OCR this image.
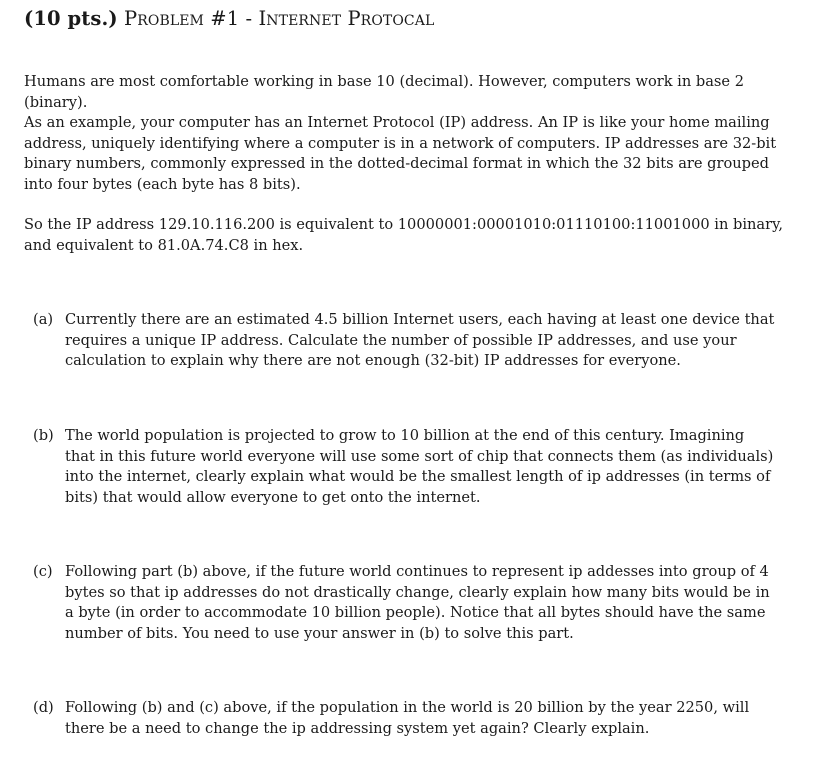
(10 pts.) Problem #1 - Internet Protocal

Humans are most comfortable working in base 10 (decimal). However, computers work in base 2 (binary).

As an example, your computer has an Internet Protocol (IP) address. An IP is like your home mailing address, uniquely identifying where a computer is in a network of computers. IP addresses are 32-bit binary numbers, commonly expressed in the dotted-decimal format in which the 32 bits are grouped into four bytes (each byte has 8 bits).

So the IP address 129.10.116.200 is equivalent to 10000001:00001010:01110100:11001000 in binary, and equivalent to 81.0A.74.C8 in hex.

(a) Currently there are an estimated 4.5 billion Internet users, each having at least one device that requires a unique IP address. Calculate the number of possible IP addresses, and use your calculation to explain why there are not enough (32-bit) IP addresses for everyone.
(b) The world population is projected to grow to 10 billion at the end of this century. Imagining that in this future world everyone will use some sort of chip that connects them (as individuals) into the internet, clearly explain what would be the smallest length of ip addresses (in terms of bits) that would allow everyone to get onto the internet.
(c) Following part (b) above, if the future world continues to represent ip addesses into group of 4 bytes so that ip addresses do not drastically change, clearly explain how many bits would be in a byte (in order to accommodate 10 billion people). Notice that all bytes should have the same number of bits. You need to use your answer in (b) to solve this part.
(d) Following (b) and (c) above, if the population in the world is 20 billion by the year 2250, will there be a need to change the ip addressing system yet again? Clearly explain.
